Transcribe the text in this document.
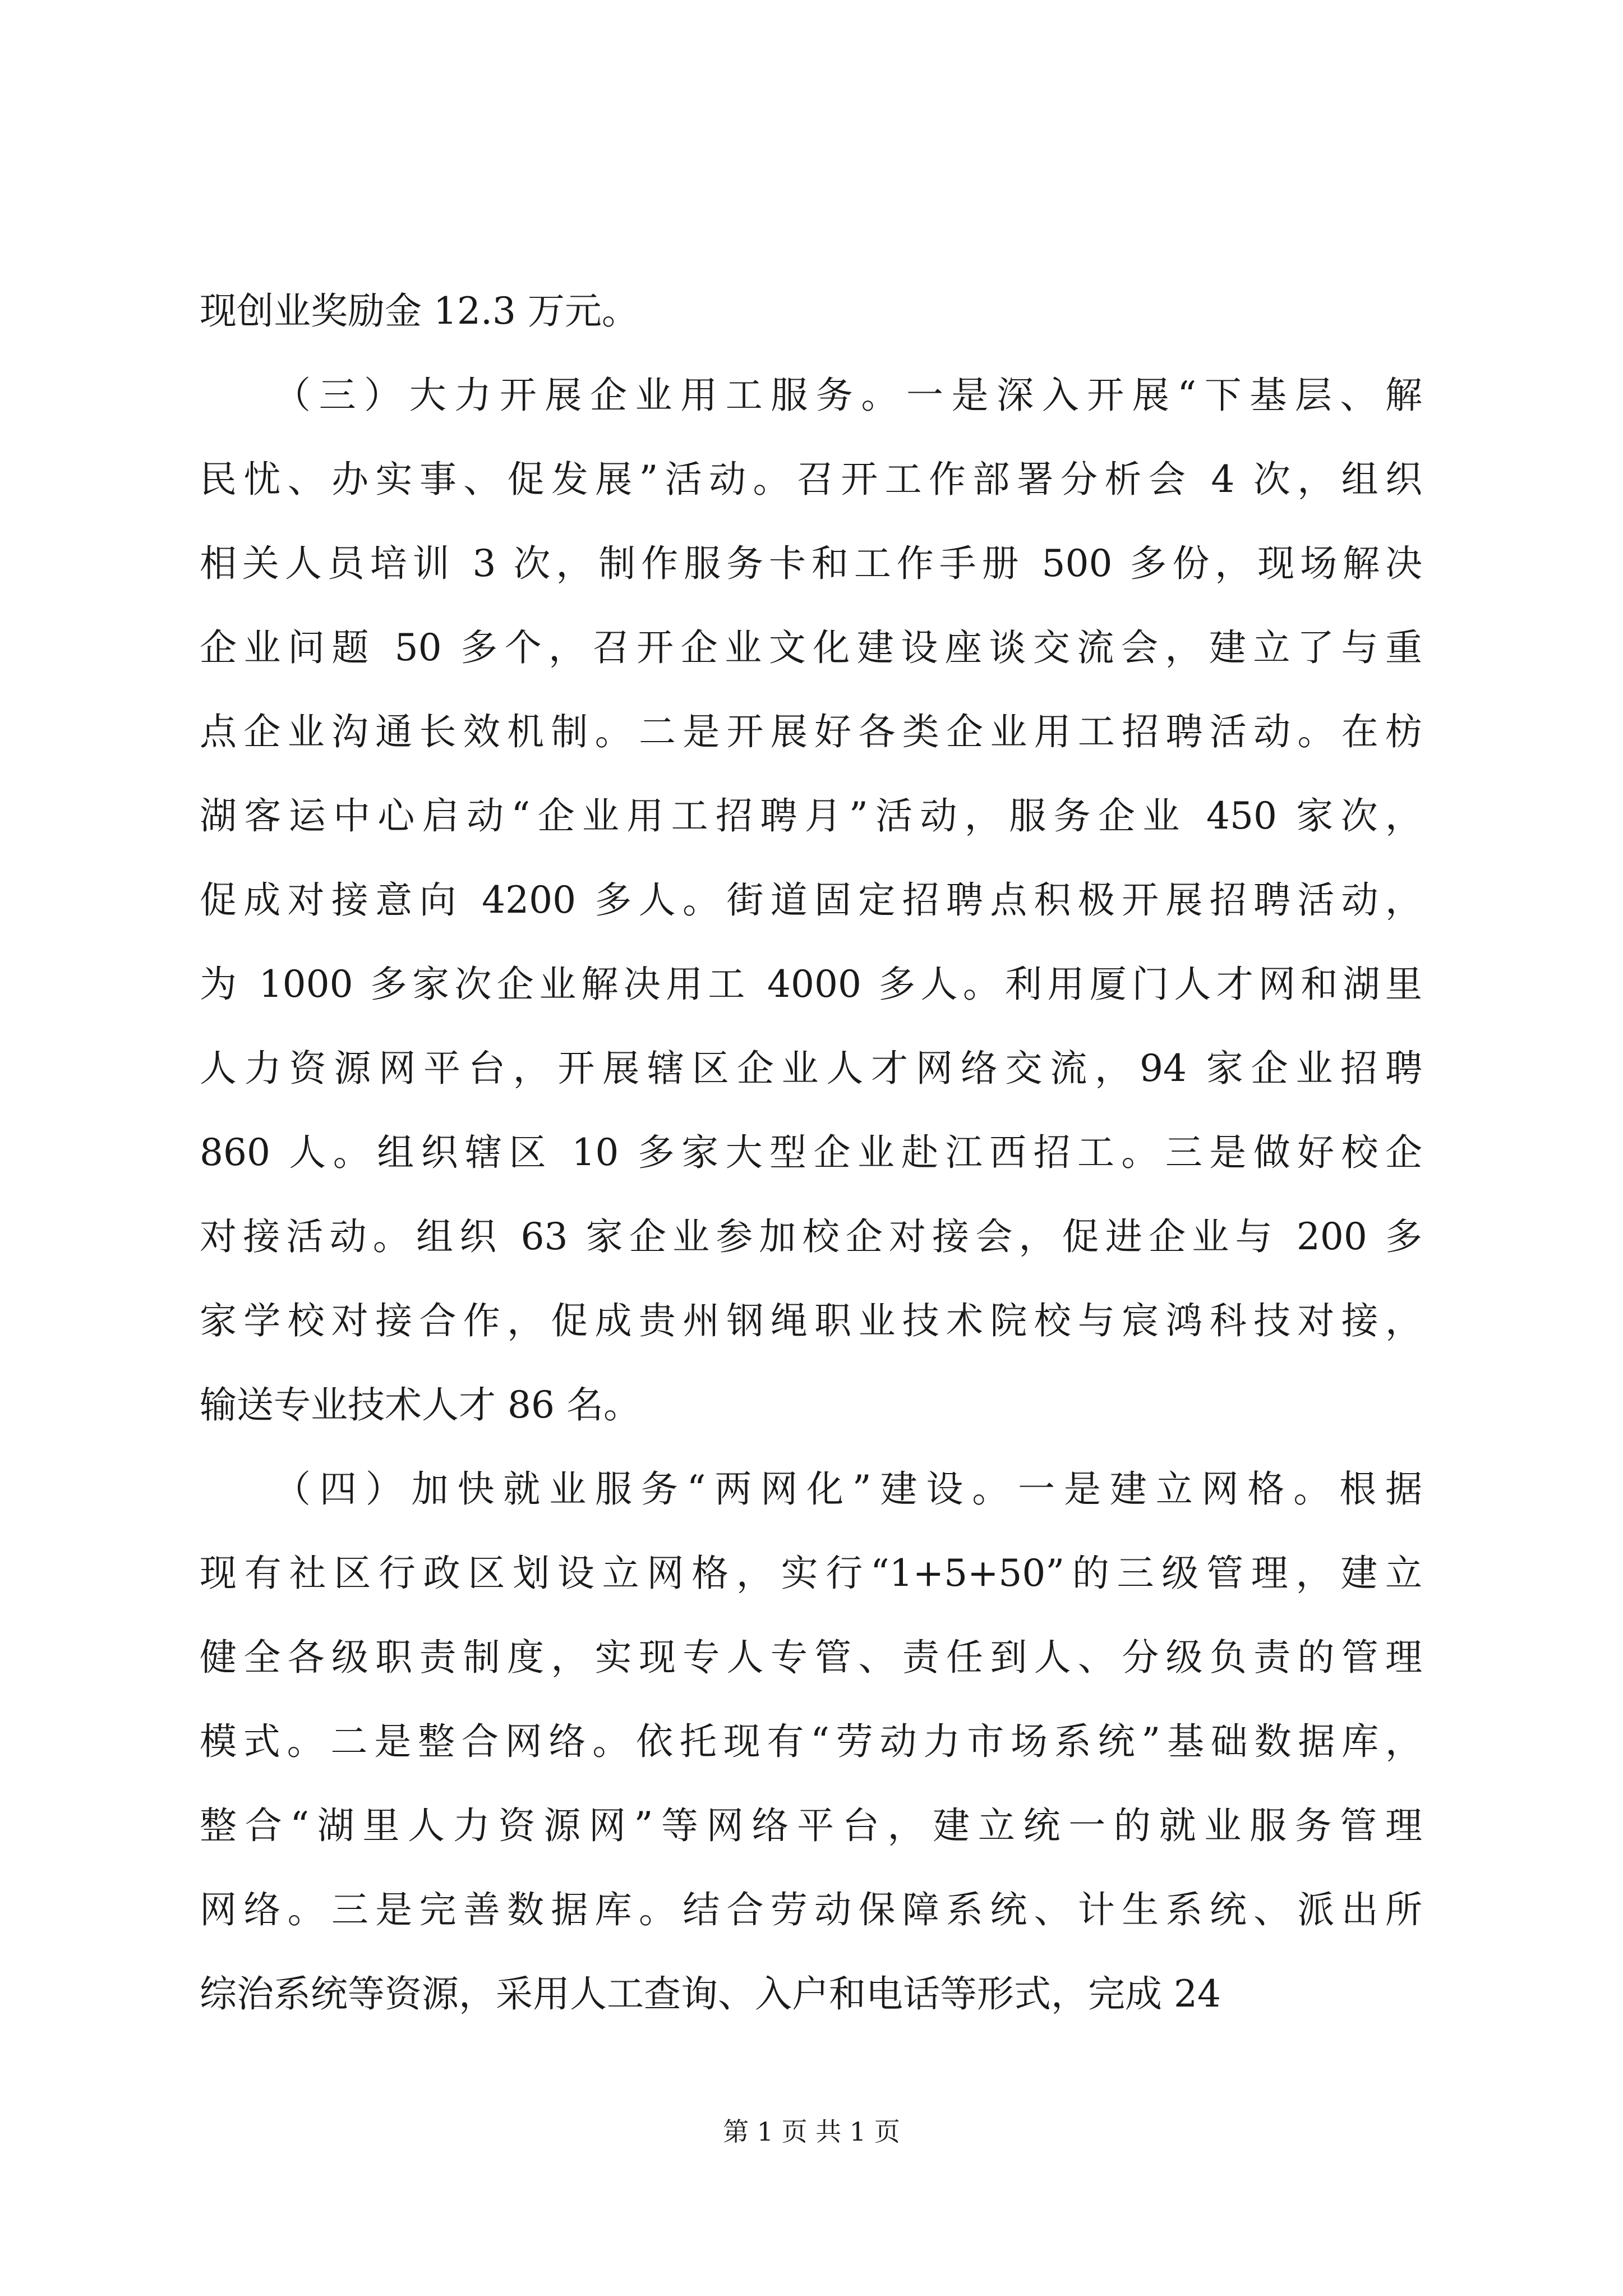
现创业奖励金 12.3 万元。
（三）大力开展企业用工服务。一是深入开展“下基层、解
民忧、办实事、促发展”活动。召开工作部署分析会 4 次，组织
相关人员培训 3 次，制作服务卡和工作手册 500 多份，现场解决
企业问题 50 多个，召开企业文化建设座谈交流会，建立了与重
点企业沟通长效机制。二是开展好各类企业用工招聘活动。在枋
湖客运中心启动“企业用工招聘月”活动，服务企业 450 家次，
促成对接意向 4200 多人。街道固定招聘点积极开展招聘活动，
为 1000 多家次企业解决用工 4000 多人。利用厦门人才网和湖里
人力资源网平台，开展辖区企业人才网络交流，94 家企业招聘
860 人。组织辖区 10 多家大型企业赴江西招工。三是做好校企
对接活动。组织 63 家企业参加校企对接会，促进企业与 200 多
家学校对接合作，促成贵州钢绳职业技术院校与宸鸿科技对接，
输送专业技术人才 86 名。
（四）加快就业服务“两网化”建设。一是建立网格。根据
现有社区行政区划设立网格，实行“1+5+50”的三级管理，建立
健全各级职责制度，实现专人专管、责任到人、分级负责的管理
模式。二是整合网络。依托现有“劳动力市场系统”基础数据库，
整合“湖里人力资源网”等网络平台，建立统一的就业服务管理
网络。三是完善数据库。结合劳动保障系统、计生系统、派出所
综治系统等资源，采用人工查询、入户和电话等形式，完成 24
第 1 页 共 1 页
